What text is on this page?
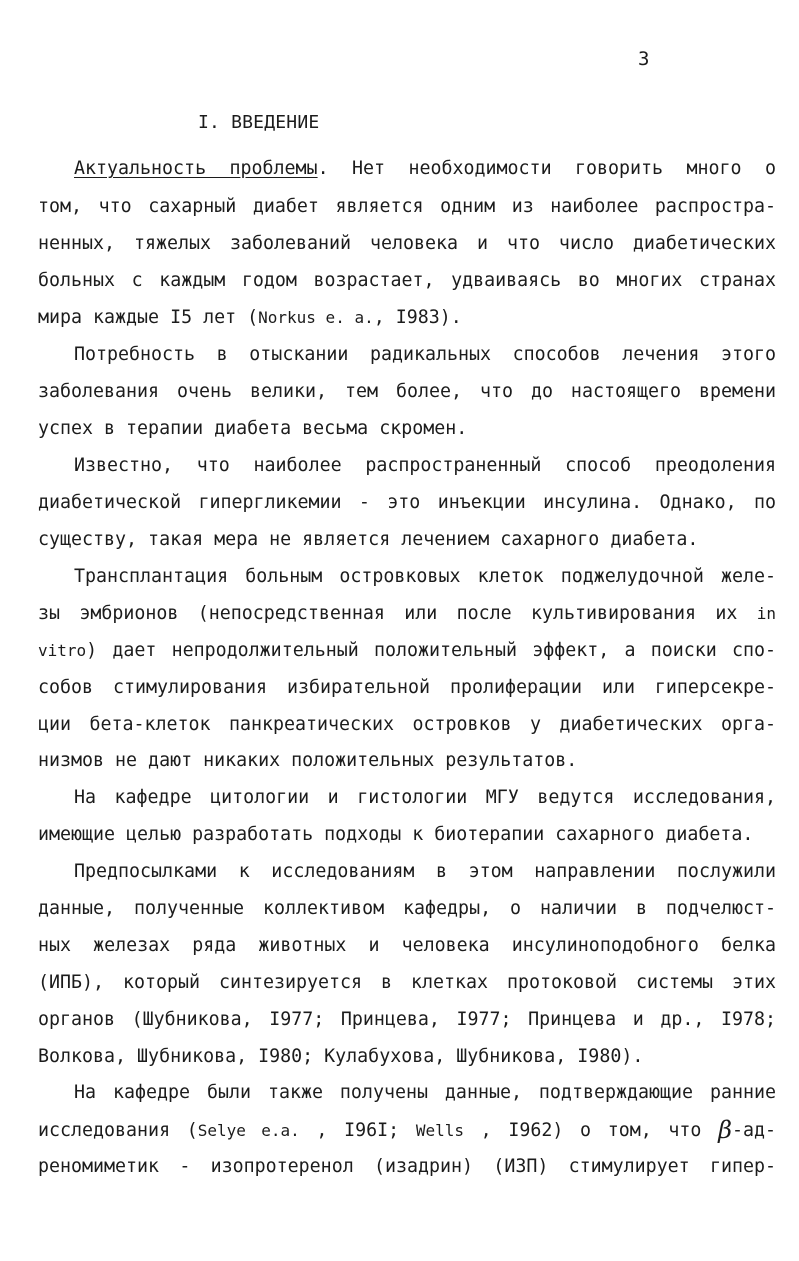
3
I. ВВЕДЕНИЕ
Актуальность проблемы. Нет необходимости говорить много о
том, что сахарный диабет является одним из наиболее распростра-
ненных, тяжелых заболеваний человека и что число диабетических
больных с каждым годом возрастает, удваиваясь во многих странах
мира каждые I5 лет (Norkus e. a., I983).
Потребность в отыскании радикальных способов лечения этого
заболевания очень велики, тем более, что до настоящего времени
успех в терапии диабета весьма скромен.
Известно, что наиболее распространенный способ преодоления
диабетической гипергликемии - это инъекции инсулина. Однако, по
существу, такая мера не является лечением сахарного диабета.
Трансплантация больным островковых клеток поджелудочной желе-
зы эмбрионов (непосредственная или после культивирования их in
vitro) дает непродолжительный положительный эффект, а поиски спо-
собов стимулирования избирательной пролиферации или гиперсекре-
ции бета-клеток панкреатических островков у диабетических орга-
низмов не дают никаких положительных результатов.
На кафедре цитологии и гистологии МГУ ведутся исследования,
имеющие целью разработать подходы к биотерапии сахарного диабета.
Предпосылками к исследованиям в этом направлении послужили
данные, полученные коллективом кафедры, о наличии в подчелюст-
ных железах ряда животных и человека инсулиноподобного белка
(ИПБ), который синтезируется в клетках протоковой системы этих
органов (Шубникова, I977; Принцева, I977; Принцева и др., I978;
Волкова, Шубникова, I980; Кулабухова, Шубникова, I980).
На кафедре были также получены данные, подтверждающие ранние
исследования (Selye e.a. , I96I; Wells , I962) о том, что β-ад-
реномиметик - изопротеренол (изадрин) (ИЗП) стимулирует гипер-
